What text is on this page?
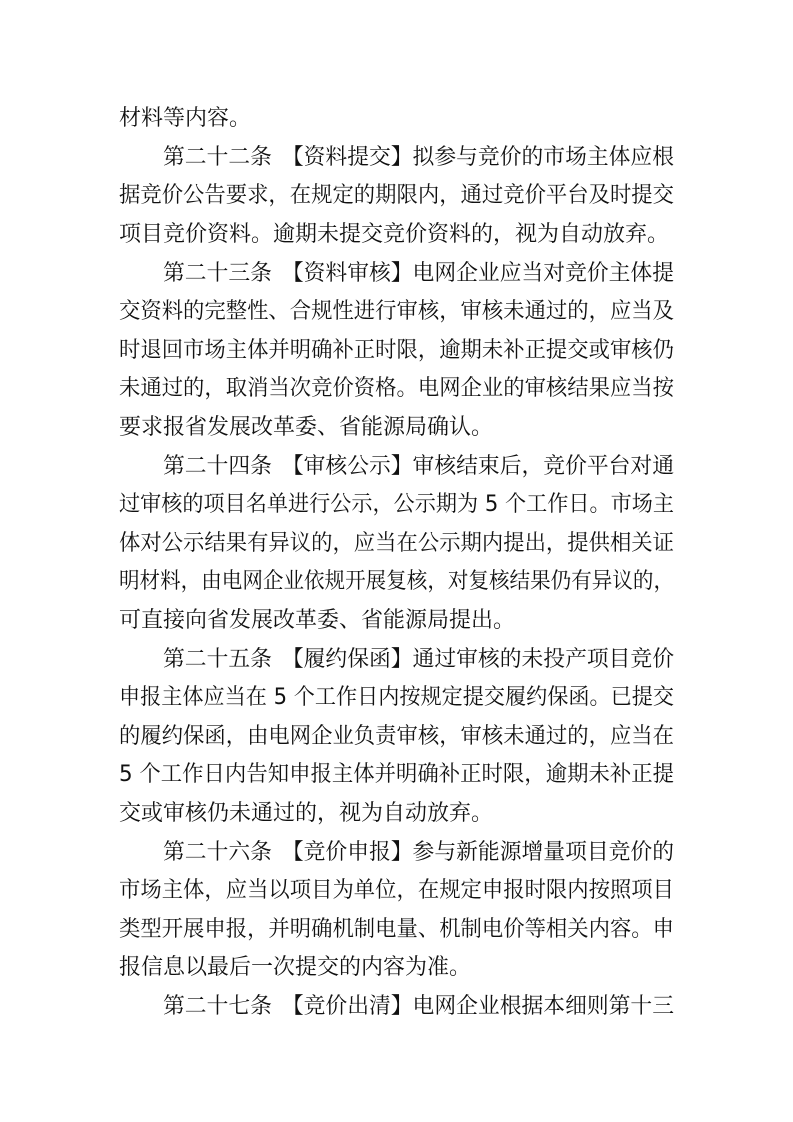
材料等内容。
第二十二条 【资料提交】 拟参与竞价的市场主体应根
据竞价公告要求，在规定的期限内，通过竞价平台及时提交
项目竞价资料。逾期未提交竞价资料的，视为自动放弃。
第二十三条 【资料审核】 电网企业应当对竞价主体提
交资料的完整性、合规性进行审核，审核未通过的，应当及
时退回市场主体并明确补正时限，逾期未补正提交或审核仍
未通过的，取消当次竞价资格。电网企业的审核结果应当按
要求报省发展改革委、省能源局确认。
第二十四条 【审核公示】 审核结束后，竞价平台对通
过审核的项目名单进行公示，公示期为 5 个工作日。市场主
体对公示结果有异议的，应当在公示期内提出，提供相关证
明材料，由电网企业依规开展复核，对复核结果仍有异议的，
可直接向省发展改革委、省能源局提出。
第二十五条 【履约保函】 通过审核的未投产项目竞价
申报主体应当在 5 个工作日内按规定提交履约保函。已提交
的履约保函，由电网企业负责审核，审核未通过的，应当在
5 个工作日内告知申报主体并明确补正时限，逾期未补正提
交或审核仍未通过的，视为自动放弃。
第二十六条 【竞价申报】 参与新能源增量项目竞价的
市场主体，应当以项目为单位，在规定申报时限内按照项目
类型开展申报，并明确机制电量、机制电价等相关内容。申
报信息以最后一次提交的内容为准。
第二十七条 【竞价出清】 电网企业根据本细则第十三
